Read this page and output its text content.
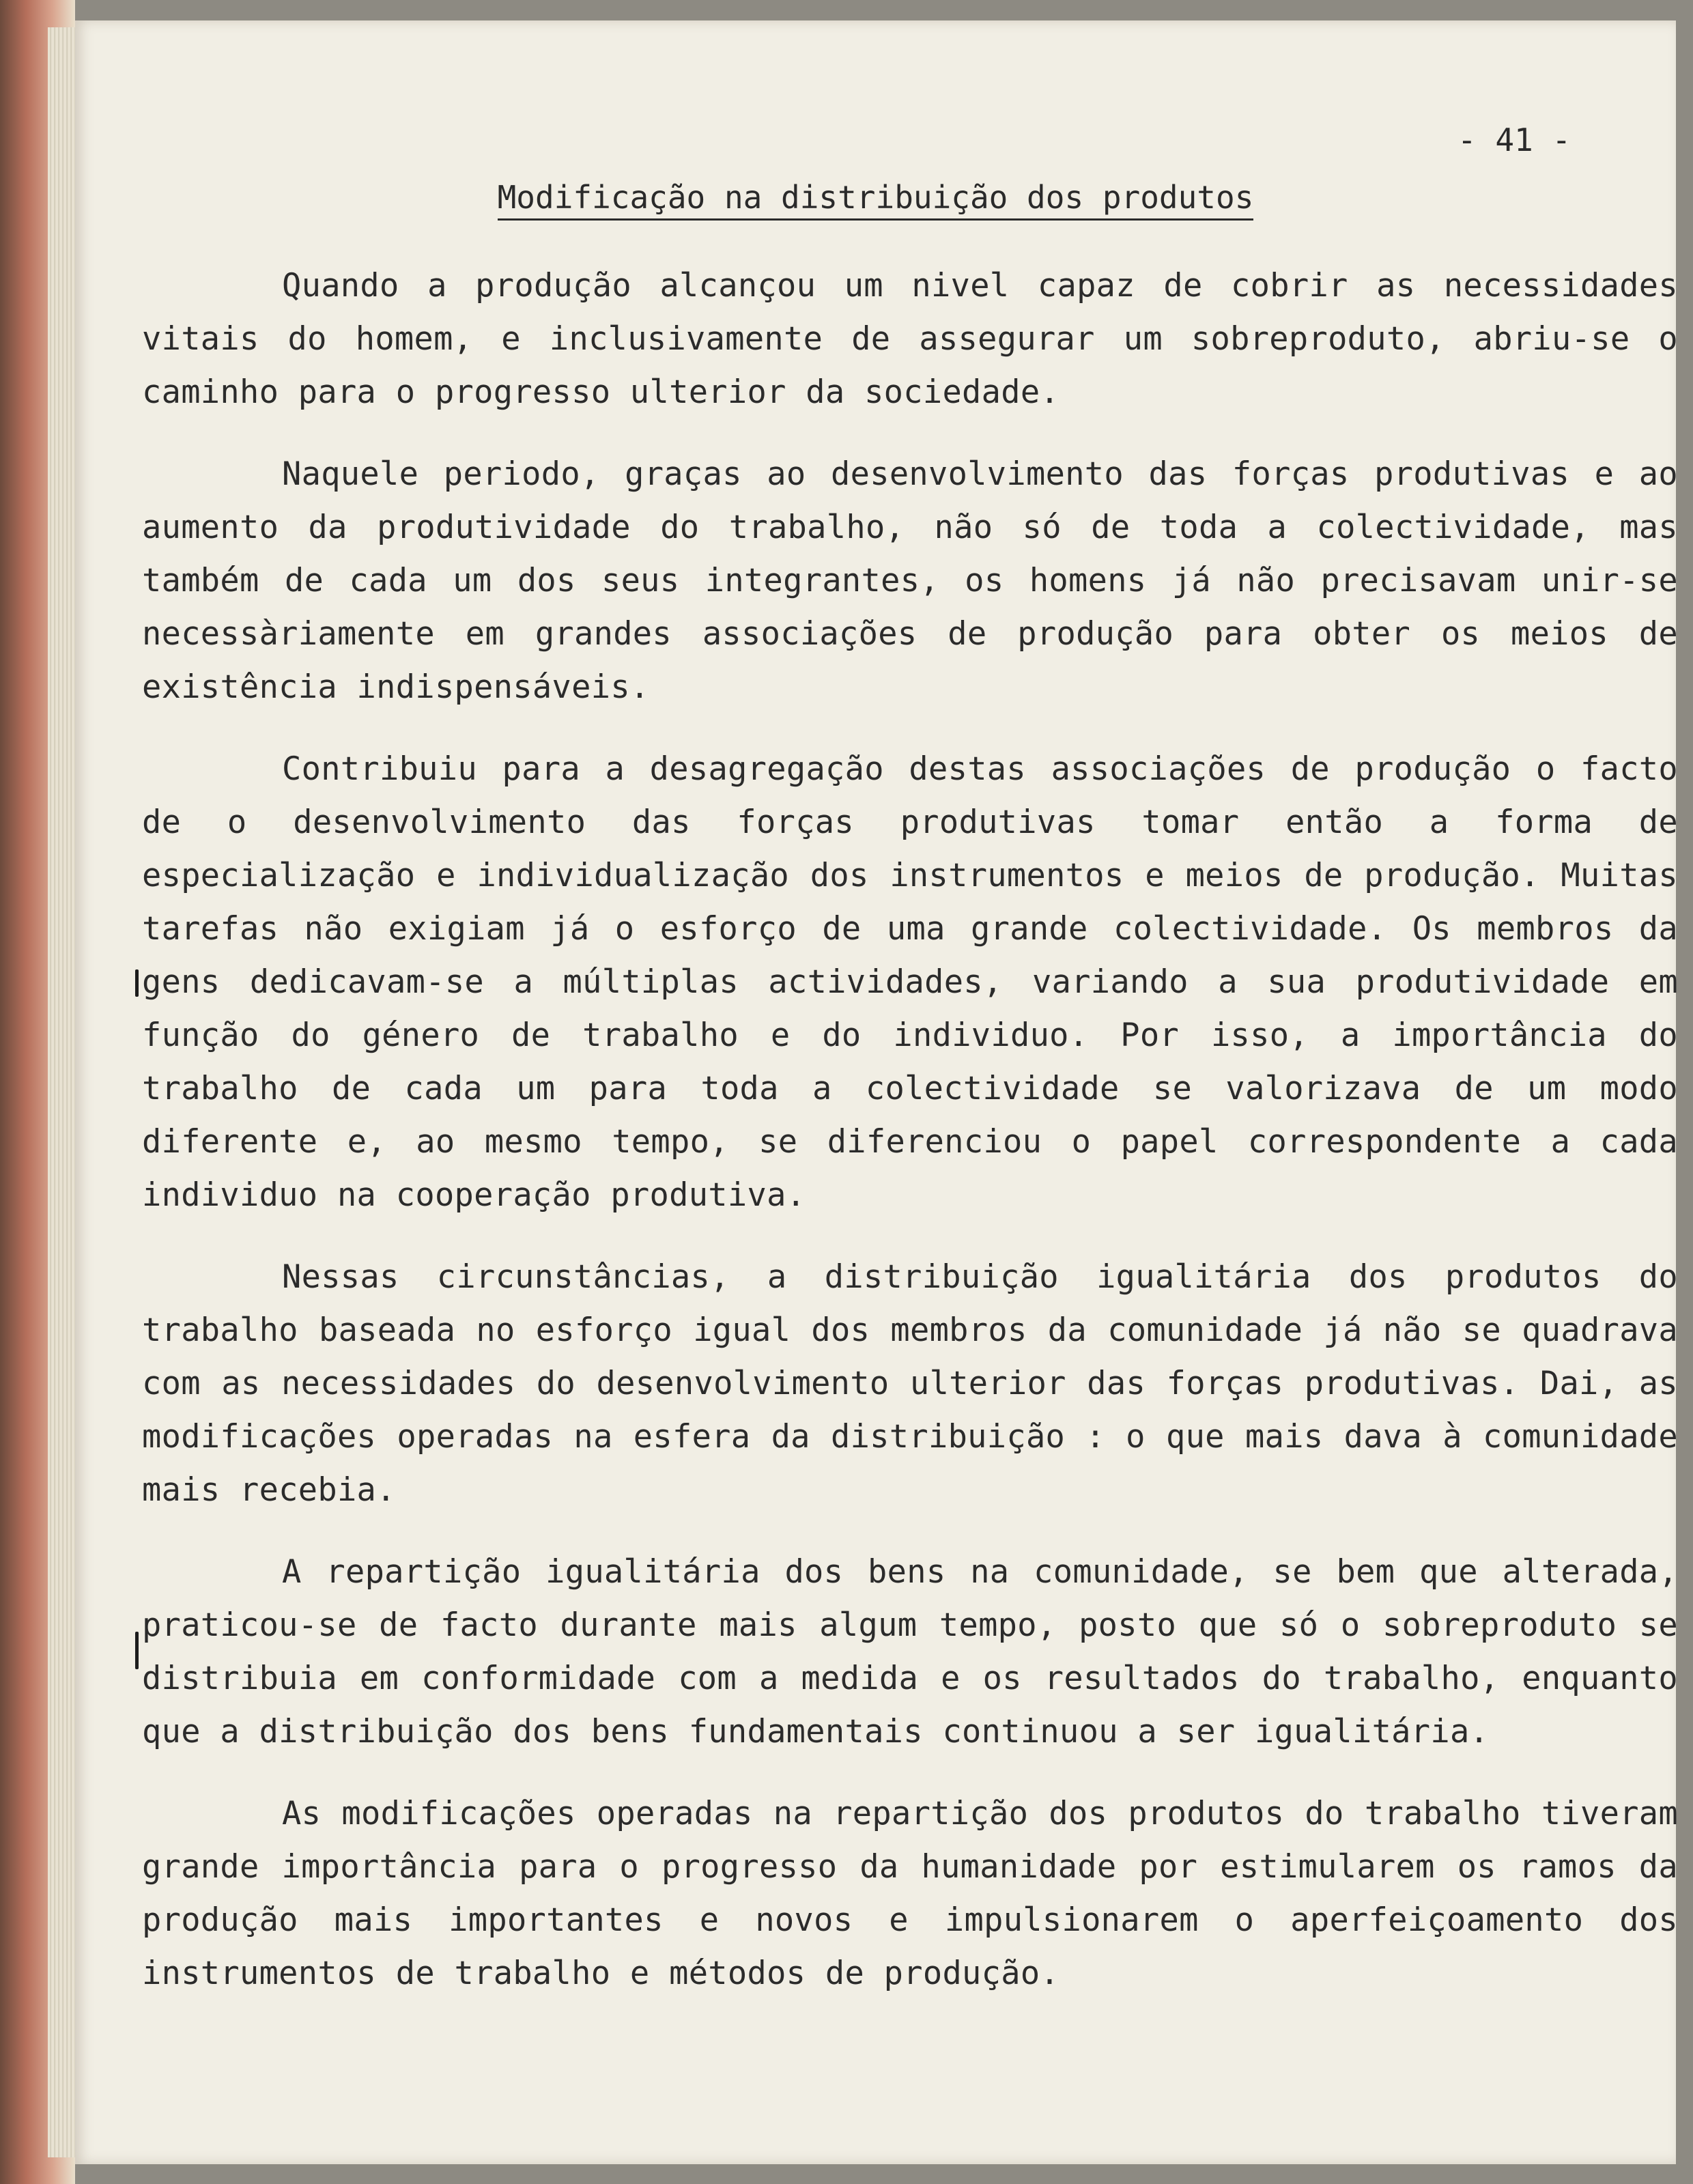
- 41 -
Modificação na distribuição dos produtos

Quando a produção alcançou um nivel capaz de cobrir as necessidades vitais do homem, e inclusivamente de assegurar um sobreproduto, abriu-se o caminho para o progresso ulterior da sociedade.

Naquele periodo, graças ao desenvolvimento das forças produtivas e ao aumento da produtividade do trabalho, não só de toda a colectividade, mas também de cada um dos seus integrantes, os homens já não precisavam unir-se necessàriamente em grandes associações de produção para obter os meios de existência indispensáveis.

Contribuiu para a desagregação destas associações de produção o facto de o desenvolvimento das forças produtivas tomar então a forma de especialização e individualização dos instrumentos e meios de produção. Muitas tarefas não exigiam já o esforço de uma grande colectividade. Os membros da gens dedicavam-se a múltiplas actividades, variando a sua produtividade em função do género de trabalho e do individuo. Por isso, a importância do trabalho de cada um para toda a colectividade se valorizava de um modo diferente e, ao mesmo tempo, se diferenciou o papel correspondente a cada individuo na cooperação produtiva.

Nessas circunstâncias, a distribuição igualitária dos produtos do trabalho baseada no esforço igual dos membros da comunidade já não se quadrava com as necessidades do desenvolvimento ulterior das forças produtivas. Dai, as modificações operadas na esfera da distribuição : o que mais dava à comunidade mais recebia.

A repartição igualitária dos bens na comunidade, se bem que alterada, praticou-se de facto durante mais algum tempo, posto que só o sobreproduto se distribuia em conformidade com a medida e os resultados do trabalho, enquanto que a distribuição dos bens fundamentais continuou a ser igualitária.

As modificações operadas na repartição dos produtos do trabalho tiveram grande importância para o progresso da humanidade por estimularem os ramos da produção mais importantes e novos e impulsionarem o aperfeiçoamento dos instrumentos de trabalho e métodos de produção.
